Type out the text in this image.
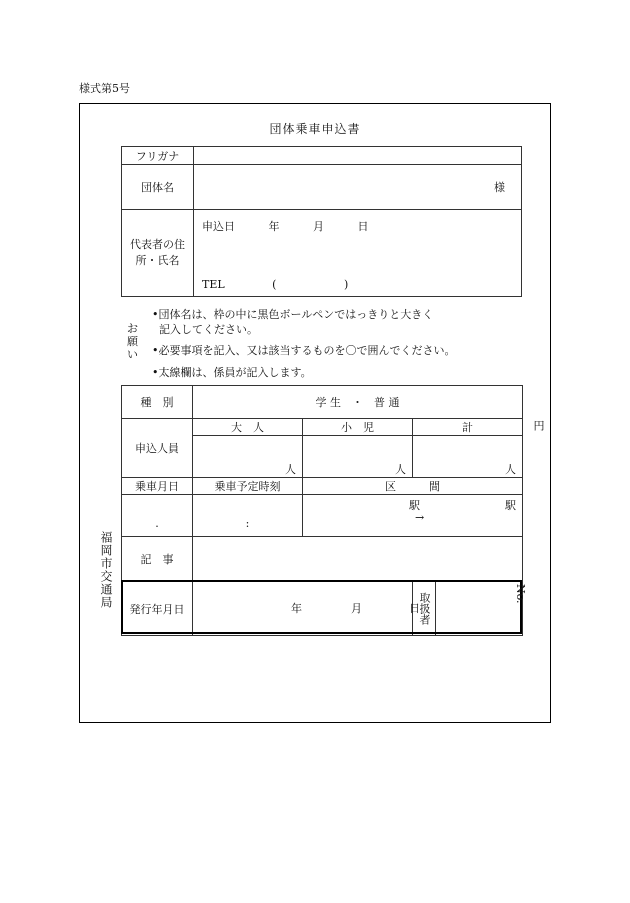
様式第5号
団体乗車申込書
フリガナ	
団体名	様

代表者の住所・氏名	申込日 年 月 日
TEL ( )
お願い
•団体名は、枠の中に黒色ボールペンではっきりと大きく
記入してください。
•必要事項を記入、又は該当するものを〇で囲んでください。
•太線欄は、係員が記入します。
種　別	学 生　・　普 通		
申込人員	大　人	小　児	計
	人	人	人
乗車月日	乗車予定時刻	区　　　間	
.	:	駅 駅
→	

記　事			
発行年月日	年 月 日		取扱者
福岡市交通局
円
No.
